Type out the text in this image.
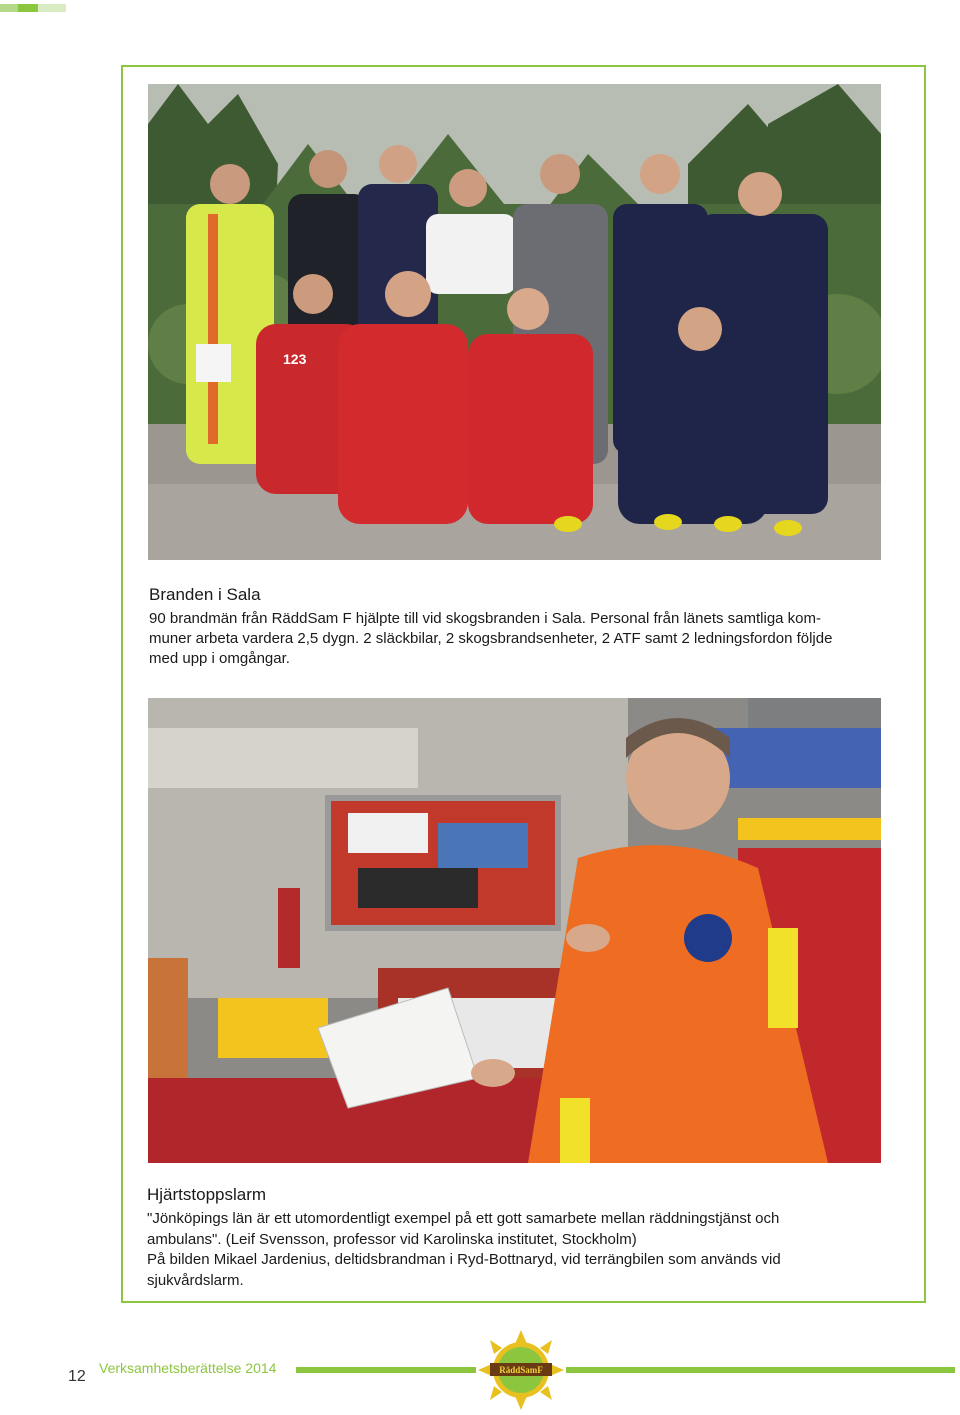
123
Branden i Sala
90 brandmän från RäddSam F hjälpte till vid skogsbranden i Sala. Personal från länets samtliga kom-
muner arbeta vardera 2,5 dygn. 2 släckbilar, 2 skogsbrandsenheter, 2 ATF samt 2 ledningsfordon följde
med upp i omgångar.
Hjärtstoppslarm
"Jönköpings län är ett utomordentligt exempel på ett gott samarbete mellan räddningstjänst och
ambulans". (Leif Svensson, professor vid Karolinska institutet, Stockholm)
På bilden Mikael Jardenius, deltidsbrandman i Ryd-Bottnaryd, vid terrängbilen som används vid
sjukvårdslarm.
12 Verksamhetsberättelse 2014	RäddSamF
